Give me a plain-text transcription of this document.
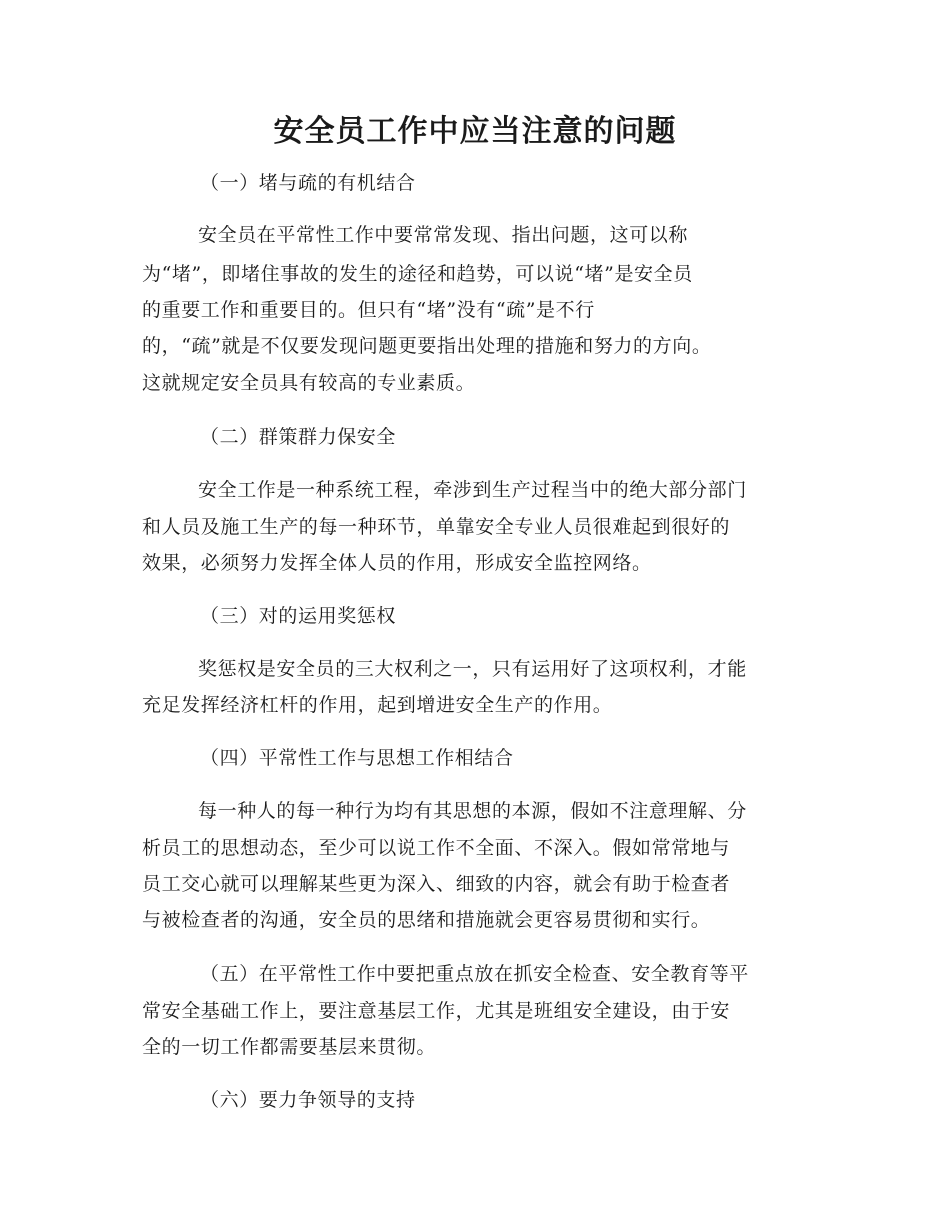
安全员工作中应当注意的问题
（一）堵与疏的有机结合
安全员在平常性工作中要常常发现、指出问题，这可以称
为“堵”，即堵住事故的发生的途径和趋势，可以说“堵”是安全员
的重要工作和重要目的。但只有“堵”没有“疏”是不行
的，“疏”就是不仅要发现问题更要指出处理的措施和努力的方向。
这就规定安全员具有较高的专业素质。
（二）群策群力保安全
安全工作是一种系统工程，牵涉到生产过程当中的绝大部分部门
和人员及施工生产的每一种环节，单靠安全专业人员很难起到很好的
效果，必须努力发挥全体人员的作用，形成安全监控网络。
（三）对的运用奖惩权
奖惩权是安全员的三大权利之一，只有运用好了这项权利，才能
充足发挥经济杠杆的作用，起到增进安全生产的作用。
（四）平常性工作与思想工作相结合
每一种人的每一种行为均有其思想的本源，假如不注意理解、分
析员工的思想动态，至少可以说工作不全面、不深入。假如常常地与
员工交心就可以理解某些更为深入、细致的内容，就会有助于检查者
与被检查者的沟通，安全员的思绪和措施就会更容易贯彻和实行。
（五）在平常性工作中要把重点放在抓安全检查、安全教育等平
常安全基础工作上，要注意基层工作，尤其是班组安全建设，由于安
全的一切工作都需要基层来贯彻。
（六）要力争领导的支持
